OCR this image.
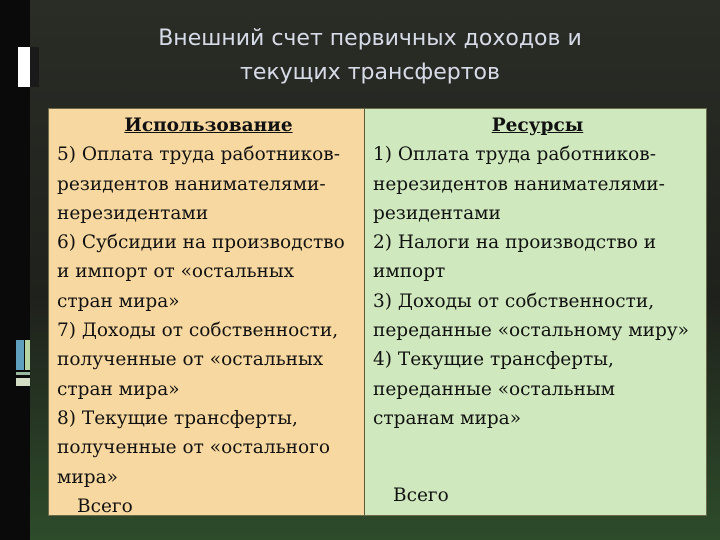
Внешний счет первичных доходов и
текущих трансфертов
Использование
5) Оплата труда работников-
резидентов нанимателями-
нерезидентами
6) Субсидии на производство
и импорт от «остальных
стран мира»
7) Доходы от собственности,
полученные от «остальных
стран мира»
8) Текущие трансферты,
полученные от «остального
мира»
Всего
Ресурсы
1) Оплата труда работников-
нерезидентов нанимателями-
резидентами
2) Налоги на производство и
импорт
3) Доходы от собственности,
переданные «остальному миру»
4) Текущие трансферты,
переданные «остальным
странам мира»
Всего
